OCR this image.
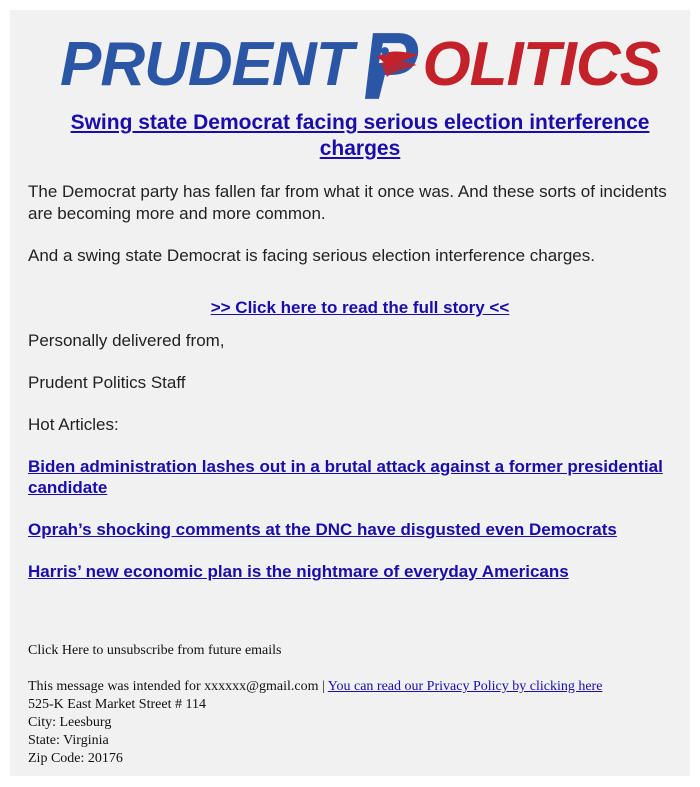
PRUDENT OLITICS
Swing state Democrat facing serious election interference charges
The Democrat party has fallen far from what it once was. And these sorts of incidents are becoming more and more common.
And a swing state Democrat is facing serious election interference charges.
>> Click here to read the full story <<
Personally delivered from,
Prudent Politics Staff
Hot Articles:
Biden administration lashes out in a brutal attack against a former presidential candidate
Oprah’s shocking comments at the DNC have disgusted even Democrats
Harris’ new economic plan is the nightmare of everyday Americans
Click Here to unsubscribe from future emails
This message was intended for xxxxxx@gmail.com | You can read our Privacy Policy by clicking here
525-K East Market Street # 114
City: Leesburg
State: Virginia
Zip Code: 20176
